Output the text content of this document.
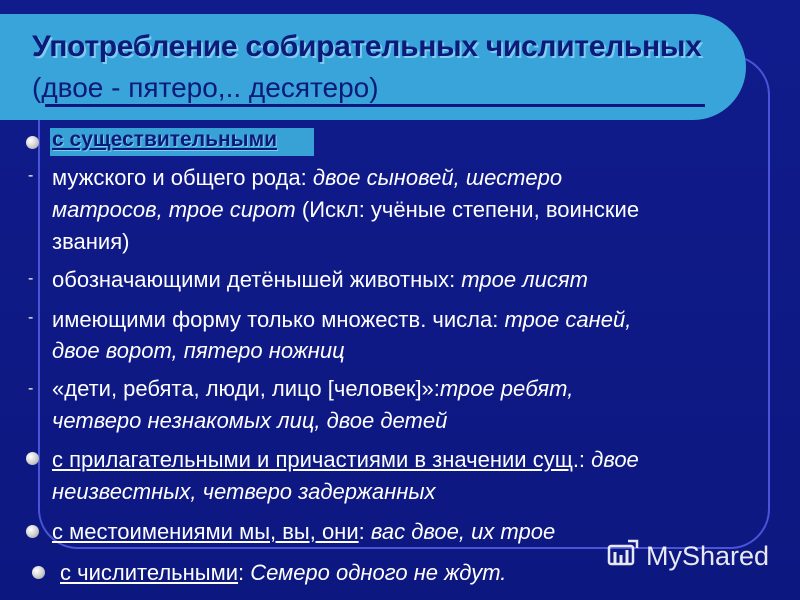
Употребление собирательных числительных
(двое - пятеро,.. десятеро)
с существительными
- мужского и общего рода: двое сыновей, шестеро
матросов, трое сирот (Искл: учёные степени, воинские
звания)
- обозначающими детёнышей животных: трое лисят
- имеющими форму только множеств. числа: трое саней,
двое ворот, пятеро ножниц
- «дети, ребята, люди, лицо [человек]»:трое ребят,
четверо незнакомых лиц, двое детей
с прилагательными и причастиями в значении сущ.: двое
неизвестных, четверо задержанных
с местоимениями мы, вы, они: вас двое, их трое
с числительными: Семеро одного не ждут.
MyShared
